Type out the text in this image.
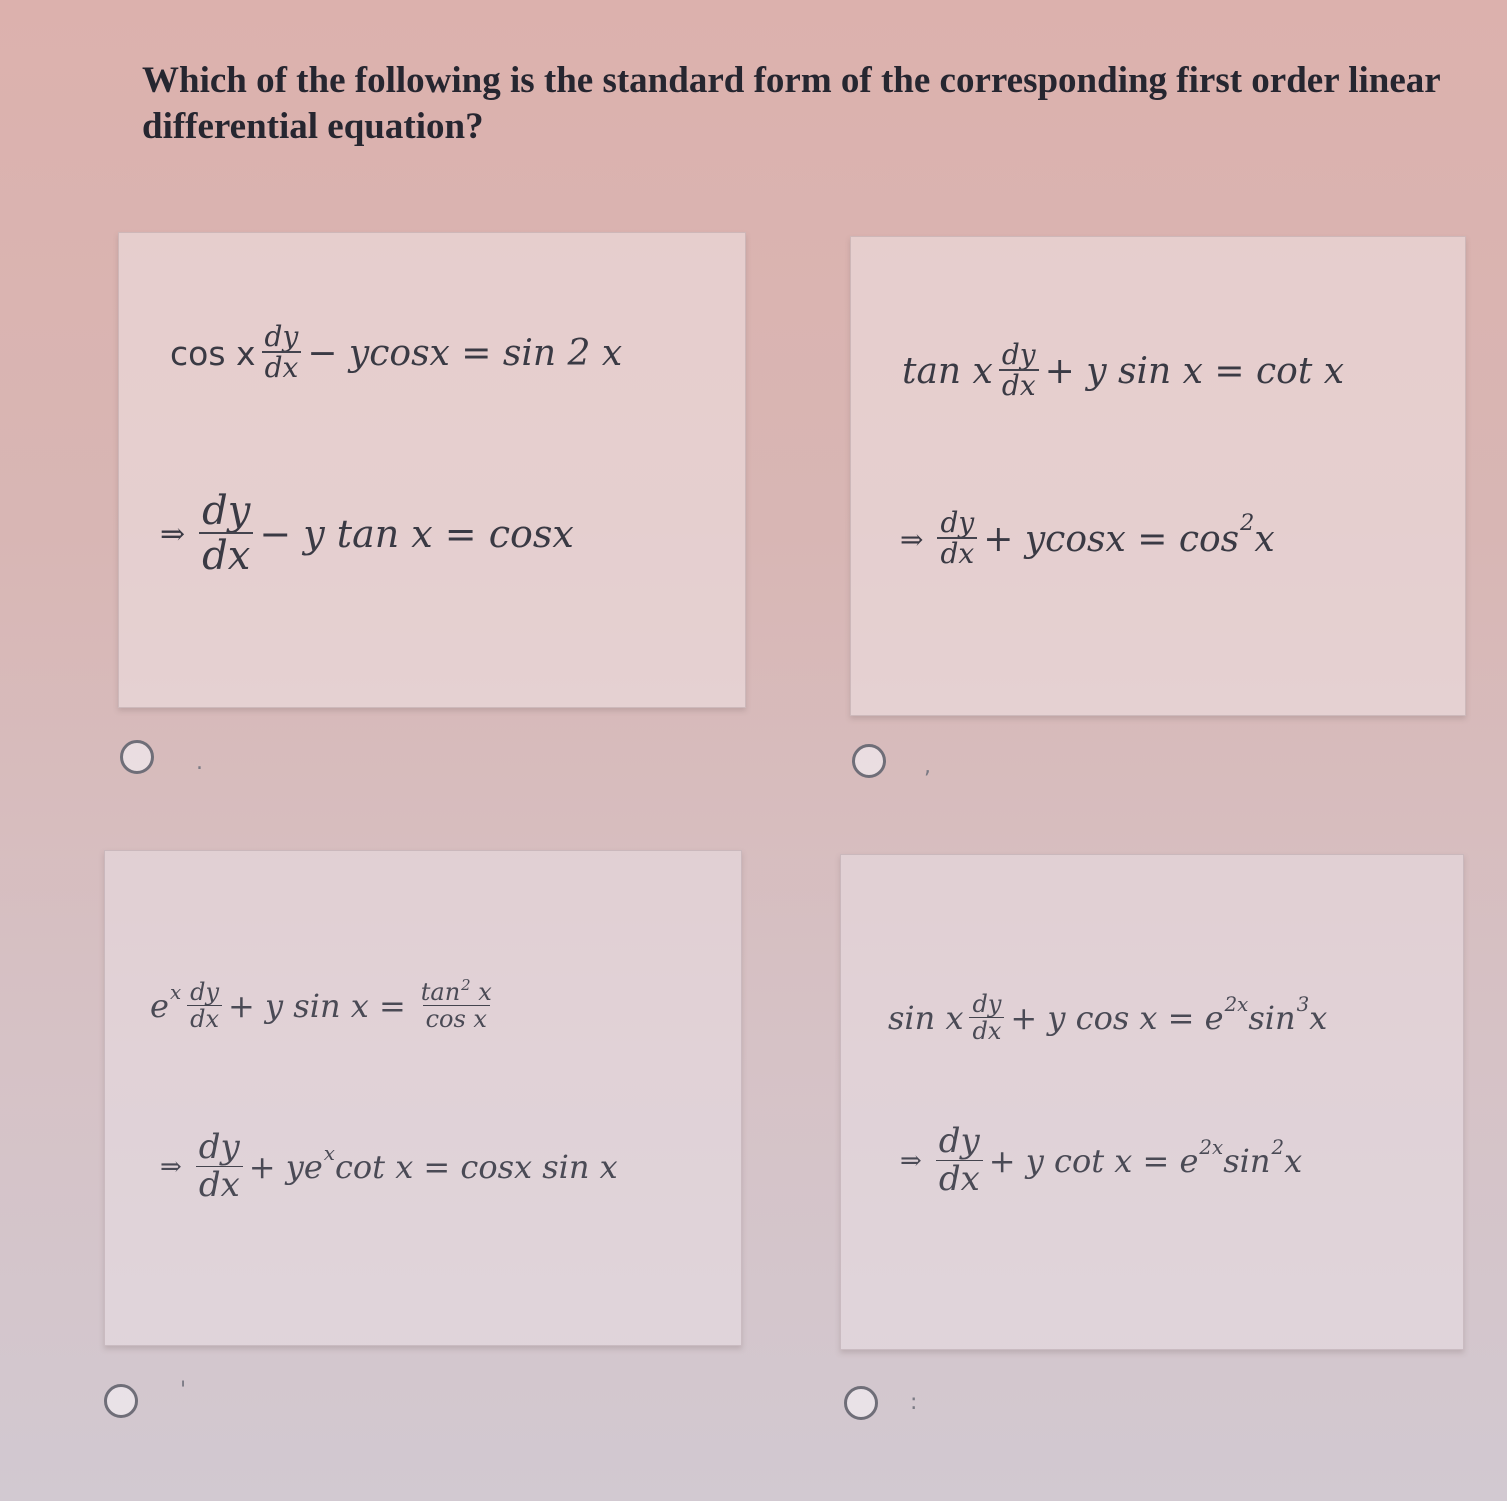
Which of the following is the standard form of the corresponding first order linear differential equation?
cos x $\frac{dy}{dx} - ycosx = \sin 2$ x
⇒ $\frac{dy}{dx} - y$ tan x = cosx
.
tan x $\frac{dy}{dx} + y$ sin x = cot x
⇒ $\frac{dy}{dx} + ycosx = \cos 2$ x
,
e x $\frac{dy}{dx} + y$ $\sin x = \frac{\tan^2 x}{\text{cos x}}$
⇒ $\frac{dy}{dx}$ + ye x cot x = cosx sin x
'
sin x $\frac{dy}{dx} + y$ cos x = e 2x sin 3 x
⇒ $\frac{dy}{dx} + y$ cot x = e 2x sin 2 x
:
